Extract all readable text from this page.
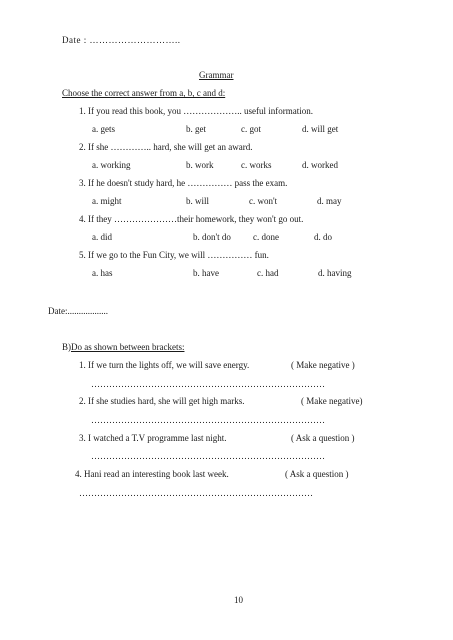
Date : ………………………..
Grammar
Choose the correct answer from a, b, c and d:
1. If you read this book, you ……………….. useful information.
a. gets	b. get	c. got	d. will get
2. If she ………….. hard, she will get an award.
a. working	b. work	c. works	d. worked
3. If he doesn't study hard, he …………… pass the exam.
a. might	b. will	c. won't	d. may
4. If they …………………their homework, they won't go out.
a. did	b. don't do c. done	d. do
5. If we go to the Fun City, we will …………… fun.
a. has	b. have	c. had	d. having
Date:..................
B)Do as shown between brackets:
1. If we turn the lights off, we will save energy.	( Make negative )
……………………………………………………………………
2. If she studies hard, she will get high marks.	( Make negative)
……………………………………………………………………
3. I watched a T.V programme last night.	( Ask a question )
……………………………………………………………………
4. Hani read an interesting book last week.	( Ask a question )
……………………………………………………………………
10
